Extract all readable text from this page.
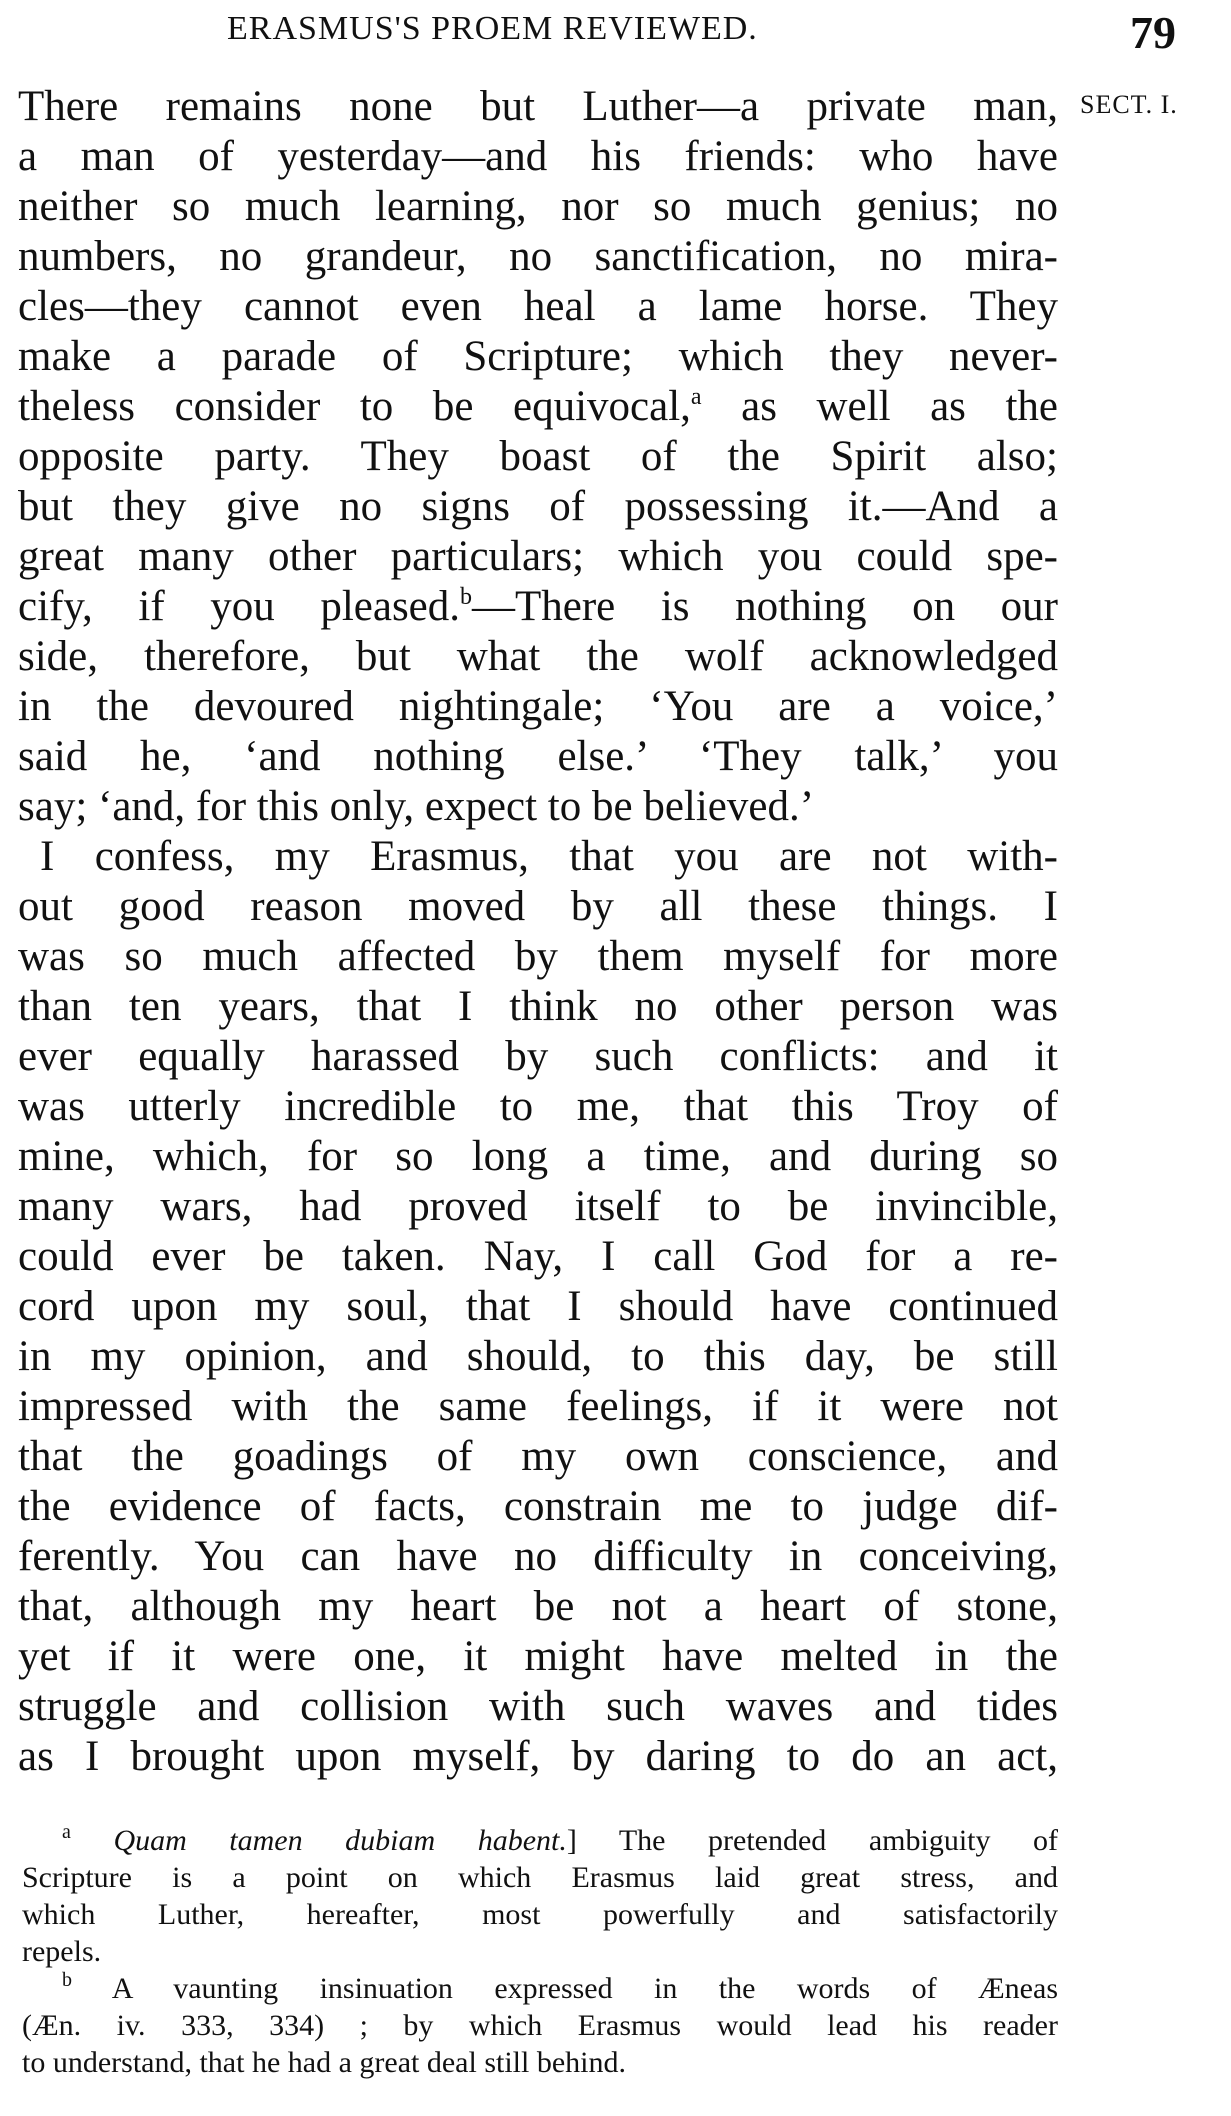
ERASMUS'S PROEM REVIEWED.	79
SECT. I.
There remains none but Luther—a private man,
a man of yesterday—and his friends: who have
neither so much learning, nor so much genius; no
numbers, no grandeur, no sanctification, no mira-
cles—they cannot even heal a lame horse. They
make a parade of Scripture; which they never-
theless consider to be equivocal,$^a$ as well as the
opposite party. They boast of the Spirit also;
but they give no signs of possessing it.—And a
great many other particulars; which you could spe-
cify, if you pleased.$^b$—There is nothing on our
side, therefore, but what the wolf acknowledged
in the devoured nightingale; ‘You are a voice,’
said he, ‘and nothing else.’ ‘They talk,’ you
say; ‘and, for this only, expect to be believed.’
I confess, my Erasmus, that you are not with-
out good reason moved by all these things. I
was so much affected by them myself for more
than ten years, that I think no other person was
ever equally harassed by such conflicts: and it
was utterly incredible to me, that this Troy of
mine, which, for so long a time, and during so
many wars, had proved itself to be invincible,
could ever be taken. Nay, I call God for a re-
cord upon my soul, that I should have continued
in my opinion, and should, to this day, be still
impressed with the same feelings, if it were not
that the goadings of my own conscience, and
the evidence of facts, constrain me to judge dif-
ferently. You can have no difficulty in conceiving,
that, although my heart be not a heart of stone,
yet if it were one, it might have melted in the
struggle and collision with such waves and tides
as I brought upon myself, by daring to do an act,
$^a$ Quam tamen dubiam habent.] The pretended ambiguity of
Scripture is a point on which Erasmus laid great stress, and
which Luther, hereafter, most powerfully and satisfactorily
repels.
$^b$ A vaunting insinuation expressed in the words of Æneas
(Æn. iv. 333, 334) ; by which Erasmus would lead his reader
to understand, that he had a great deal still behind.
